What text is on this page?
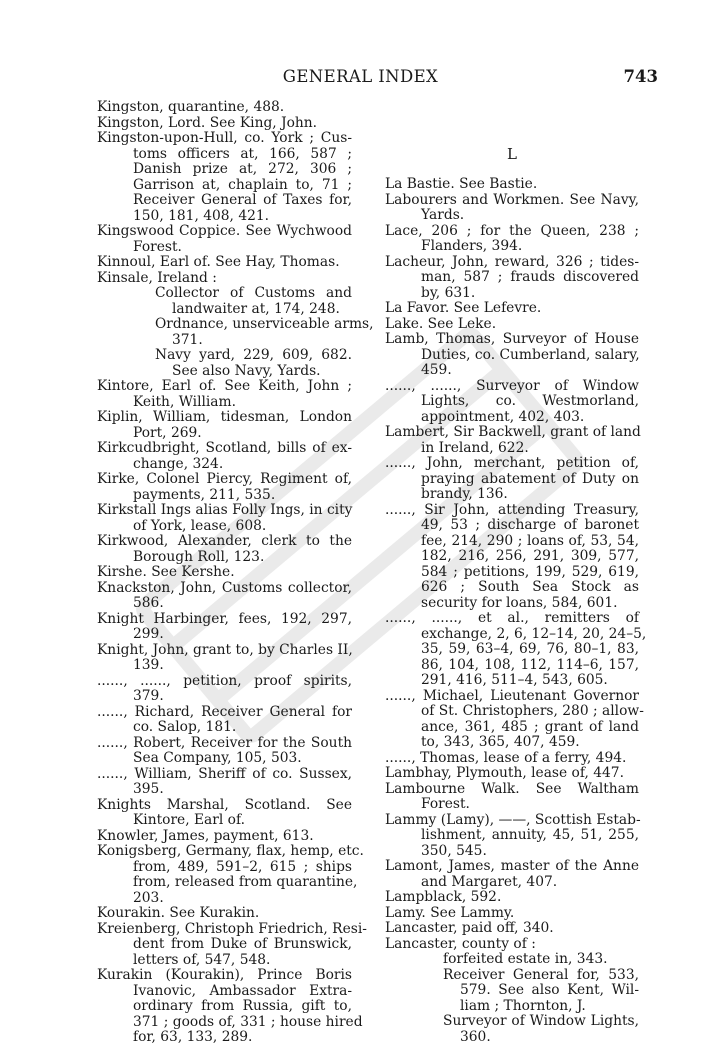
GENERAL INDEX	743
Kingston, quarantine, 488.
Kingston, Lord. See King, John.
Kingston-upon-Hull, co. York ; Cus-
toms officers at, 166, 587 ;
Danish prize at, 272, 306 ;
Garrison at, chaplain to, 71 ;
Receiver General of Taxes for,
150, 181, 408, 421.
Kingswood Coppice. See Wychwood
Forest.
Kinnoul, Earl of. See Hay, Thomas.
Kinsale, Ireland :
Collector of Customs and
landwaiter at, 174, 248.
Ordnance, unserviceable arms,
371.
Navy yard, 229, 609, 682.
See also Navy, Yards.
Kintore, Earl of. See Keith, John ;
Keith, William.
Kiplin, William, tidesman, London
Port, 269.
Kirkcudbright, Scotland, bills of ex-
change, 324.
Kirke, Colonel Piercy, Regiment of,
payments, 211, 535.
Kirkstall Ings alias Folly Ings, in city
of York, lease, 608.
Kirkwood, Alexander, clerk to the
Borough Roll, 123.
Kirshe. See Kershe.
Knackston, John, Customs collector,
586.
Knight Harbinger, fees, 192, 297,
299.
Knight, John, grant to, by Charles II,
139.
......, ......, petition, proof spirits,
379.
......, Richard, Receiver General for
co. Salop, 181.
......, Robert, Receiver for the South
Sea Company, 105, 503.
......, William, Sheriff of co. Sussex,
395.
Knights Marshal, Scotland. See
Kintore, Earl of.
Knowler, James, payment, 613.
Konigsberg, Germany, flax, hemp, etc.
from, 489, 591–2, 615 ; ships
from, released from quarantine,
203.
Kourakin. See Kurakin.
Kreienberg, Christoph Friedrich, Resi-
dent from Duke of Brunswick,
letters of, 547, 548.
Kurakin (Kourakin), Prince Boris
Ivanovic, Ambassador Extra-
ordinary from Russia, gift to,
371 ; goods of, 331 ; house hired
for, 63, 133, 289.
L
La Bastie. See Bastie.
Labourers and Workmen. See Navy,
Yards.
Lace, 206 ; for the Queen, 238 ;
Flanders, 394.
Lacheur, John, reward, 326 ; tides-
man, 587 ; frauds discovered
by, 631.
La Favor. See Lefevre.
Lake. See Leke.
Lamb, Thomas, Surveyor of House
Duties, co. Cumberland, salary,
459.
......, ......, Surveyor of Window
Lights, co. Westmorland,
appointment, 402, 403.
Lambert, Sir Backwell, grant of land
in Ireland, 622.
......, John, merchant, petition of,
praying abatement of Duty on
brandy, 136.
......, Sir John, attending Treasury,
49, 53 ; discharge of baronet
fee, 214, 290 ; loans of, 53, 54,
182, 216, 256, 291, 309, 577,
584 ; petitions, 199, 529, 619,
626 ; South Sea Stock as
security for loans, 584, 601.
......, ......, et al., remitters of
exchange, 2, 6, 12–14, 20, 24–5,
35, 59, 63–4, 69, 76, 80–1, 83,
86, 104, 108, 112, 114–6, 157,
291, 416, 511–4, 543, 605.
......, Michael, Lieutenant Governor
of St. Christophers, 280 ; allow-
ance, 361, 485 ; grant of land
to, 343, 365, 407, 459.
......, Thomas, lease of a ferry, 494.
Lambhay, Plymouth, lease of, 447.
Lambourne Walk. See Waltham
Forest.
Lammy (Lamy), ——, Scottish Estab-
lishment, annuity, 45, 51, 255,
350, 545.
Lamont, James, master of the Anne
and Margaret, 407.
Lampblack, 592.
Lamy. See Lammy.
Lancaster, paid off, 340.
Lancaster, county of :
forfeited estate in, 343.
Receiver General for, 533,
579. See also Kent, Wil-
liam ; Thornton, J.
Surveyor of Window Lights,
360.
